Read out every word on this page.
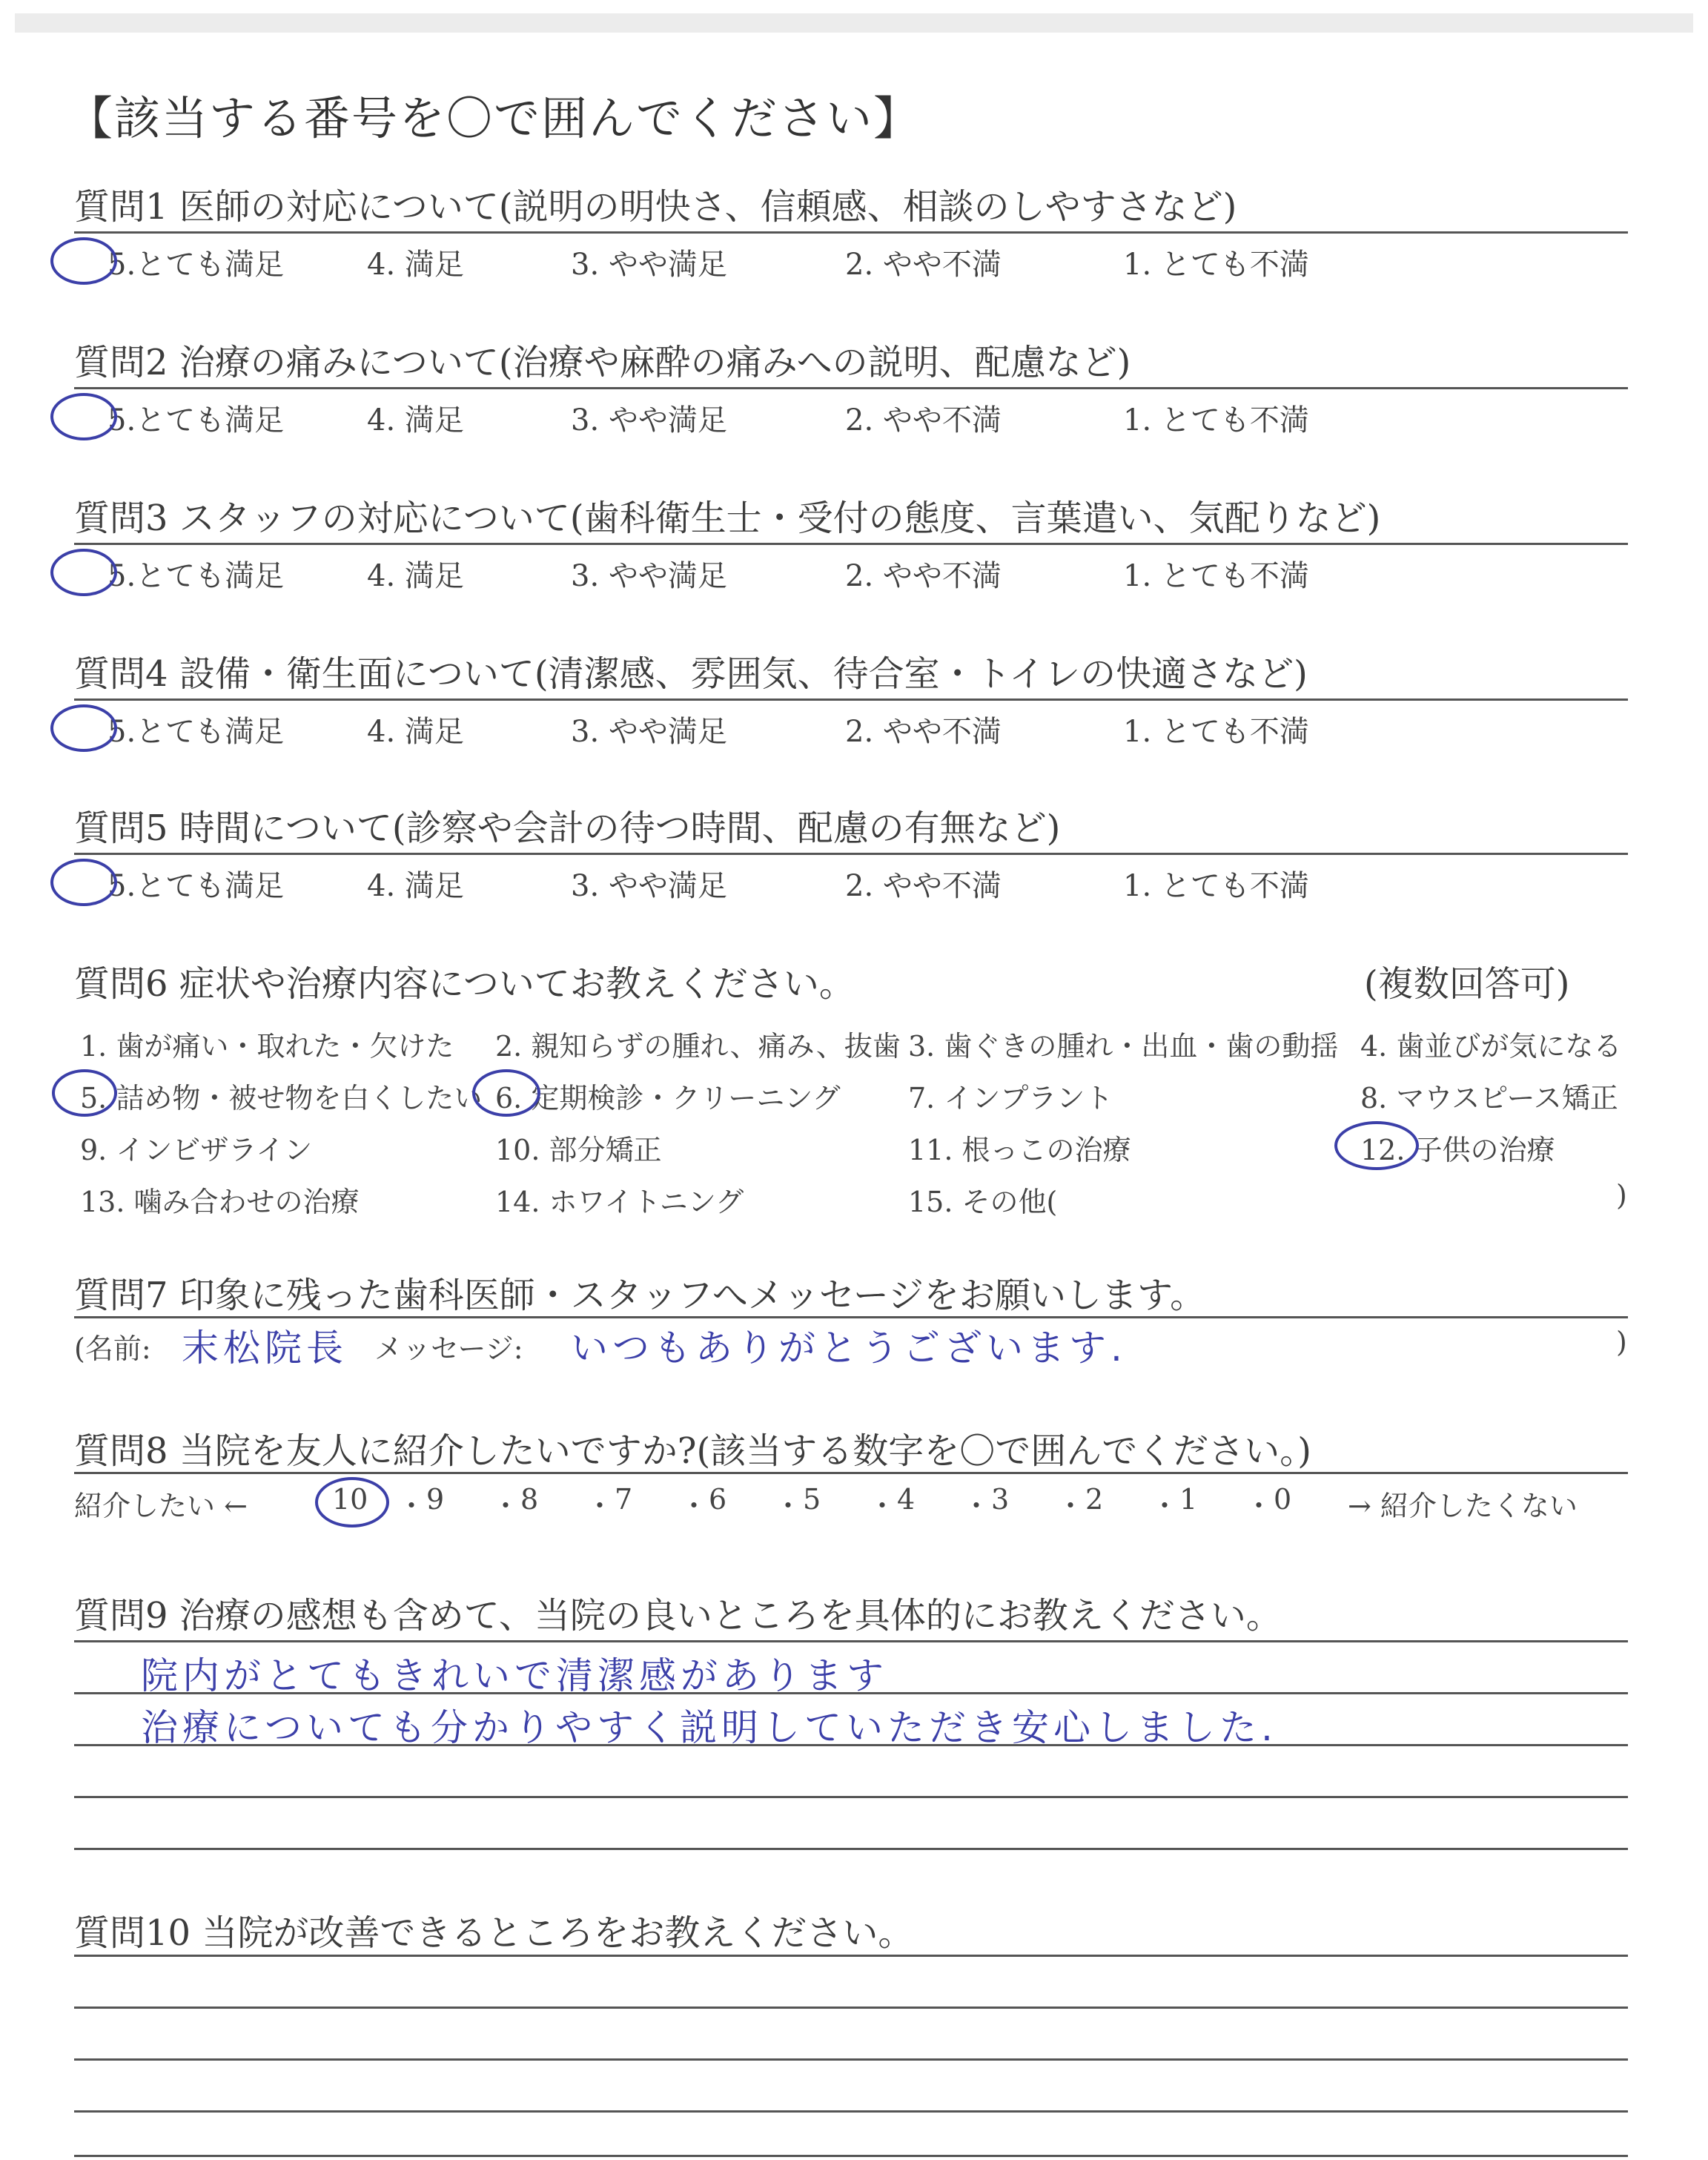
【該当する番号を〇で囲んでください】
質問1 医師の対応について(説明の明快さ、信頼感、相談のしやすさなど)
5.とても満足	4. 満足	3. やや満足	2. やや不満	1. とても不満
質問2 治療の痛みについて(治療や麻酔の痛みへの説明、配慮など)
5.とても満足	4. 満足	3. やや満足	2. やや不満	1. とても不満
質問3 スタッフの対応について(歯科衛生士・受付の態度、言葉遣い、気配りなど)
5.とても満足	4. 満足	3. やや満足	2. やや不満	1. とても不満
質問4 設備・衛生面について(清潔感、雰囲気、待合室・トイレの快適さなど)
5.とても満足	4. 満足	3. やや満足	2. やや不満	1. とても不満
質問5 時間について(診察や会計の待つ時間、配慮の有無など)
5.とても満足	4. 満足	3. やや満足	2. やや不満	1. とても不満
質問6 症状や治療内容についてお教えください。	(複数回答可)
1. 歯が痛い・取れた・欠けた 2. 親知らずの腫れ、痛み、抜歯 3. 歯ぐきの腫れ・出血・歯の動揺 4. 歯並びが気になる
5. 詰め物・被せ物を白くしたい 6. 定期検診・クリーニング 7. インプラント	8. マウスピース矯正
9. インビザライン	10. 部分矯正	11. 根っこの治療	12. 子供の治療
13. 噛み合わせの治療	14. ホワイトニング	15. その他(	)
質問7 印象に残った歯科医師・スタッフへメッセージをお願いします。
(名前: 末松院長 メッセージ: いつもありがとうございます.	)
質問8 当院を友人に紹介したいですか?(該当する数字を〇で囲んでください。)
紹介したい ←	10 ・ 9 ・ 8 ・ 7 ・ 6 ・ 5 ・ 4 ・ 3 ・ 2 ・ 1 ・ 0 → 紹介したくない
質問9 治療の感想も含めて、当院の良いところを具体的にお教えください。
院内がとてもきれいで清潔感があります
治療についても分かりやすく説明していただき安心しました.
質問10 当院が改善できるところをお教えください。
